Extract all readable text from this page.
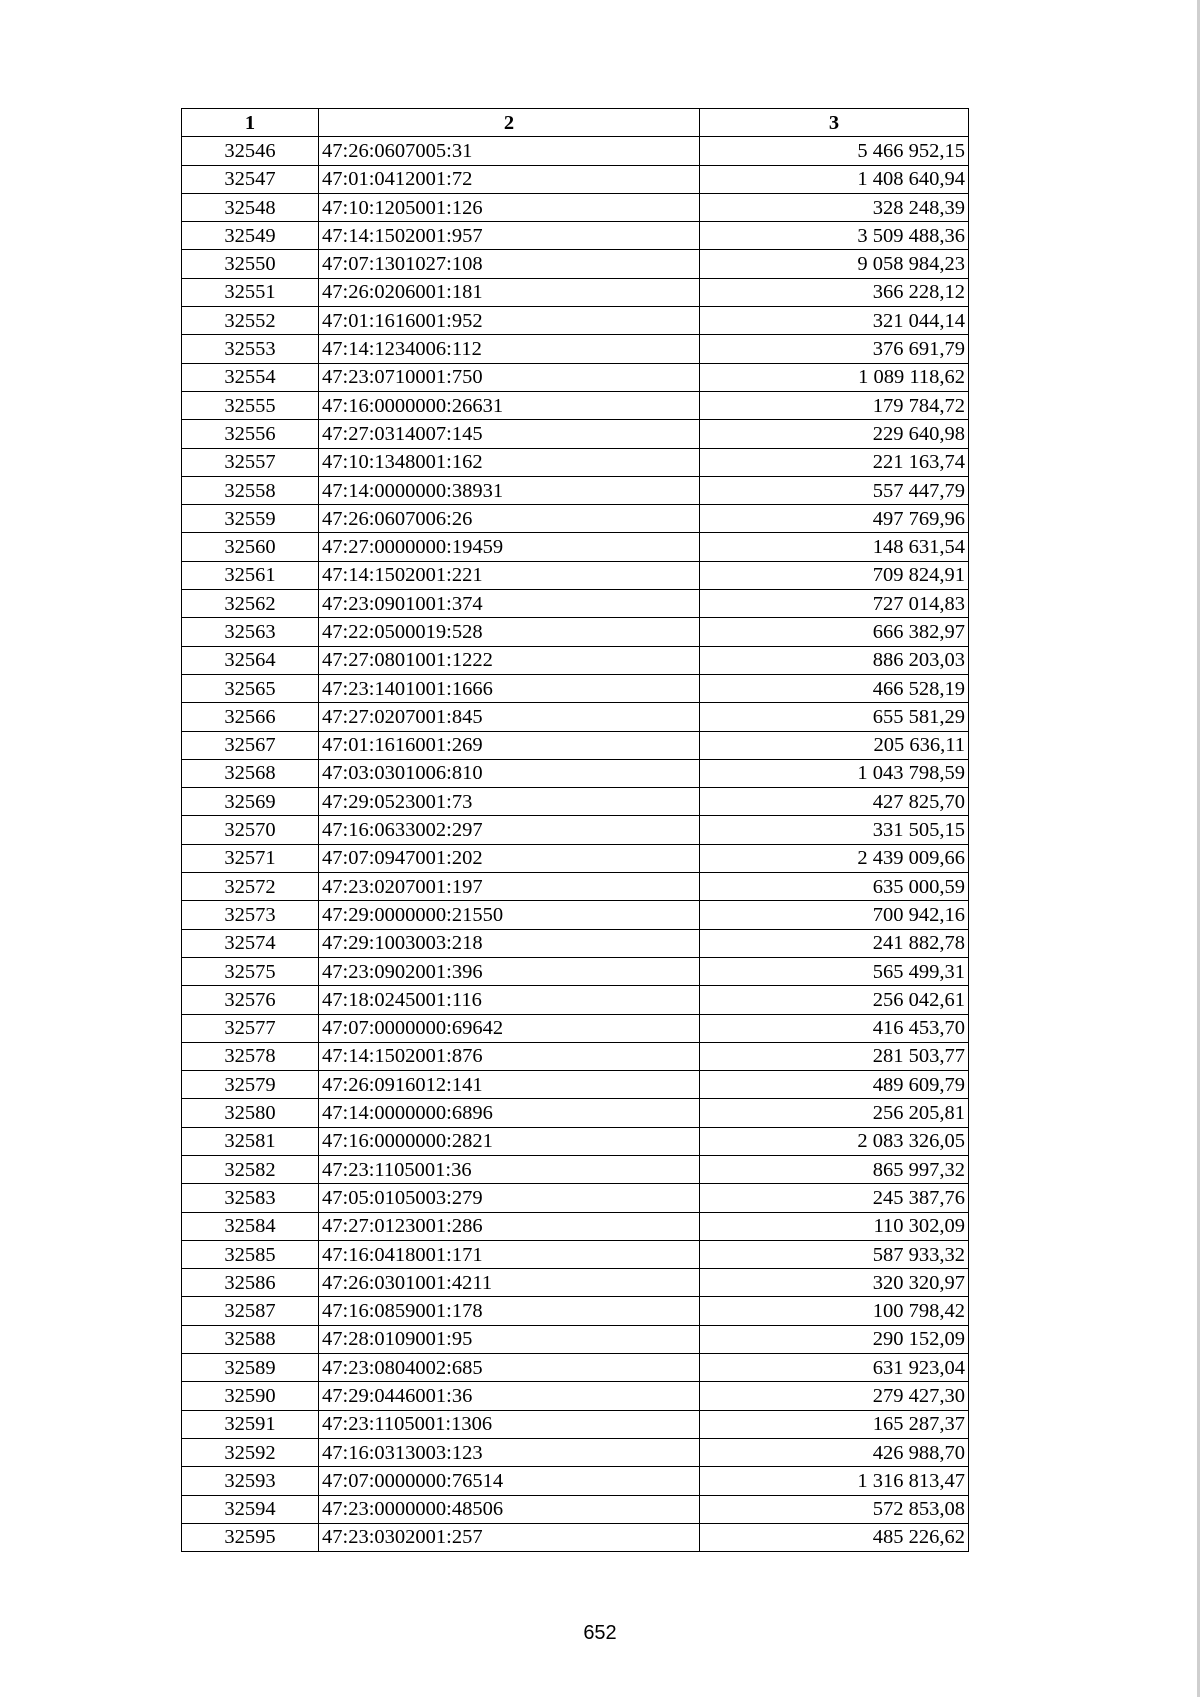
1	2	3
32546	47:26:0607005:31	5 466 952,15
32547	47:01:0412001:72	1 408 640,94
32548	47:10:1205001:126	328 248,39
32549	47:14:1502001:957	3 509 488,36
32550	47:07:1301027:108	9 058 984,23
32551	47:26:0206001:181	366 228,12
32552	47:01:1616001:952	321 044,14
32553	47:14:1234006:112	376 691,79
32554	47:23:0710001:750	1 089 118,62
32555	47:16:0000000:26631	179 784,72
32556	47:27:0314007:145	229 640,98
32557	47:10:1348001:162	221 163,74
32558	47:14:0000000:38931	557 447,79
32559	47:26:0607006:26	497 769,96
32560	47:27:0000000:19459	148 631,54
32561	47:14:1502001:221	709 824,91
32562	47:23:0901001:374	727 014,83
32563	47:22:0500019:528	666 382,97
32564	47:27:0801001:1222	886 203,03
32565	47:23:1401001:1666	466 528,19
32566	47:27:0207001:845	655 581,29
32567	47:01:1616001:269	205 636,11
32568	47:03:0301006:810	1 043 798,59
32569	47:29:0523001:73	427 825,70
32570	47:16:0633002:297	331 505,15
32571	47:07:0947001:202	2 439 009,66
32572	47:23:0207001:197	635 000,59
32573	47:29:0000000:21550	700 942,16
32574	47:29:1003003:218	241 882,78
32575	47:23:0902001:396	565 499,31
32576	47:18:0245001:116	256 042,61
32577	47:07:0000000:69642	416 453,70
32578	47:14:1502001:876	281 503,77
32579	47:26:0916012:141	489 609,79
32580	47:14:0000000:6896	256 205,81
32581	47:16:0000000:2821	2 083 326,05
32582	47:23:1105001:36	865 997,32
32583	47:05:0105003:279	245 387,76
32584	47:27:0123001:286	110 302,09
32585	47:16:0418001:171	587 933,32
32586	47:26:0301001:4211	320 320,97
32587	47:16:0859001:178	100 798,42
32588	47:28:0109001:95	290 152,09
32589	47:23:0804002:685	631 923,04
32590	47:29:0446001:36	279 427,30
32591	47:23:1105001:1306	165 287,37
32592	47:16:0313003:123	426 988,70
32593	47:07:0000000:76514	1 316 813,47
32594	47:23:0000000:48506	572 853,08
32595	47:23:0302001:257	485 226,62
652
